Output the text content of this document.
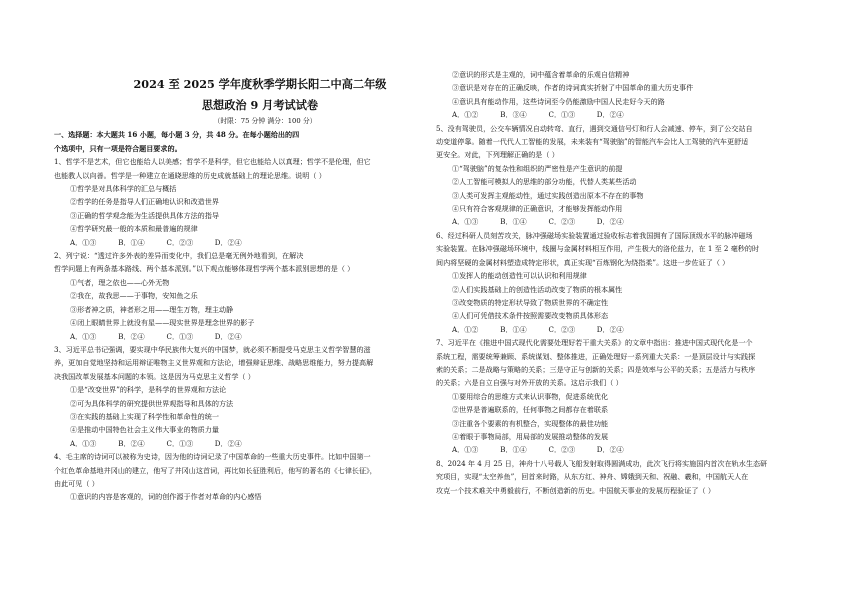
2024 至 2025 学年度秋季学期长阳二中高二年级
思想政治 9 月考试试卷
（时限：75 分钟 满分：100 分）
一、选择题：本大题共 16 小题，每小题 3 分，共 48 分。在每小题给出的四
个选项中，只有一项是符合题目要求的。
1、哲学不是艺术，但它也能给人以美感；哲学不是科学，但它也能给人以真理；哲学不是伦理，但它
也能教人以向善。哲学是一种建立在通晓思维的历史成就基础上的理论思维。说明（ ）
①哲学是对具体科学的汇总与概括
②哲学的任务是指导人们正确地认识和改造世界
③正确的哲学观念能为生活提供具体方法的指导
④哲学研究最一般的本质和最普遍的规律
A．①③	B．①④	C．②③	D．②④
2、列宁说：“透过许多外表的差异而变化中，我们总是毫无例外地看到，在解决
哲学问题上有两条基本路线、两个基本派别。”以下观点能够体现哲学两个基本派别思想的是（ ）
①气者，理之依也——心外无物
②我在，故我思——于事物，安知鱼之乐
③形者神之质，神者形之用——理生万物，理主动静
④闭上眼睛世界上就没有星——现实世界是理念世界的影子
A．①③	B．②④	C．①③	D．②④
3、习近平总书记强调，要实现中华民族伟大复兴的中国梦，就必须不断提受马克思主义哲学智慧的滋
养，更加自觉地坚持和运用辩证唯物主义世界观和方法论，增强辩证思维、战略思维能力，努力提高解
决我国改革发展基本问题的本领。这是因为马克思主义哲学（ ）
①是“改变世界”的科学，是科学的世界观和方法论
②可为具体科学的研究提供世界观指导和具体的方法
③在实践的基础上实现了科学性和革命性的统一
④是推动中国特色社会主义伟大事业的物质力量
A．①③	B．②④	C．①③	D．②④
4、毛主席的诗词可以被称为史诗，因为他的诗词记录了中国革命的一些重大历史事件。比如中国第一
个红色革命基地井冈山的建立，他写了井冈山这首词，再比如长征胜利后，他写的著名的《七律长征》，
由此可见（ ）
①意识的内容是客观的，词的创作源于作者对革命的内心感悟
②意识的形式是主观的，词中蕴含着革命的乐观自信精神
③意识是对存在的正确反映，作者的诗词真实折射了中国革命的重大历史事件
④意识具有能动作用，这些诗词至今仍能激励中国人民走好今天的路
A．①②	B．③④	C．①③	D．②④
5、没有驾驶员，公交车辆情况自动转弯、直行，遇到交通信号灯和行人会减速、停车，到了公交站自
动变道停靠。随着一代代人工智能的发展，未来装有“驾驶脑”的智能汽车会比人工驾驶的汽车更舒适
更安全。对此，下列理解正确的是（ ）
①“驾驶脑”的复杂性和组织的严密性是产生意识的前提
②人工智能可模拟人的思维的部分功能，代替人类某些活动
③人类可发挥主观能动性，通过实践创造出原本不存在的事物
④只有符合客观规律的正确意识，才能够发挥能动作用
A．①③	B．①④	C．②③	D．②④
6、经过科研人员刻苦攻关，脉冲强磁场实验装置通过验收标志着我国拥有了国际顶级水平的脉冲磁场
实验装置。在脉冲强磁场环境中，线圈与金属材料相互作用，产生极大的洛伦兹力，在 1 至 2 毫秒的时
间内将坚硬的金属材料塑造成特定形状，真正实现“百炼钢化为绕指柔”。这进一步佐证了（ ）
①发挥人的能动创造性可以认识和利用规律
②人们实践基础上的创造性活动改变了物质的根本属性
③改变物质的特定形状导致了物质世界的不确定性
④人们可凭借技术条件按照需要改变物质具体形态
A．①②	B．①④	C．②③	D．②④
7、习近平在《推进中国式现代化需要处理好若干重大关系》的文章中指出：推进中国式现代化是一个
系统工程，需要统筹兼顾、系统谋划、整体推进，正确处理好一系列重大关系：一是顶层设计与实践探
索的关系；二是战略与策略的关系；三是守正与创新的关系；四是效率与公平的关系；五是活力与秩序
的关系；六是自立自强与对外开放的关系。这启示我们（ ）
①要用综合的思维方式来认识事物，促进系统优化
②世界是普遍联系的，任何事物之间都存在着联系
③注重各个要素的有机整合，实现整体的最佳功能
④着眼于事物局部，用局部的发展推动整体的发展
A．①③	B．①④	C．②③	D．②④
8、2024 年 4 月 25 日，神舟十八号载人飞船发射取得圆满成功，此次飞行将实施国内首次在轨水生态研
究项目，实现“太空养鱼”，回首来时路，从东方红、神舟、嫦娥到天和、祝融、羲和，中国航天人在
攻克一个技术难关中勇毅前行，不断创造新的历史。中国航天事业的发展历程验证了（ ）
